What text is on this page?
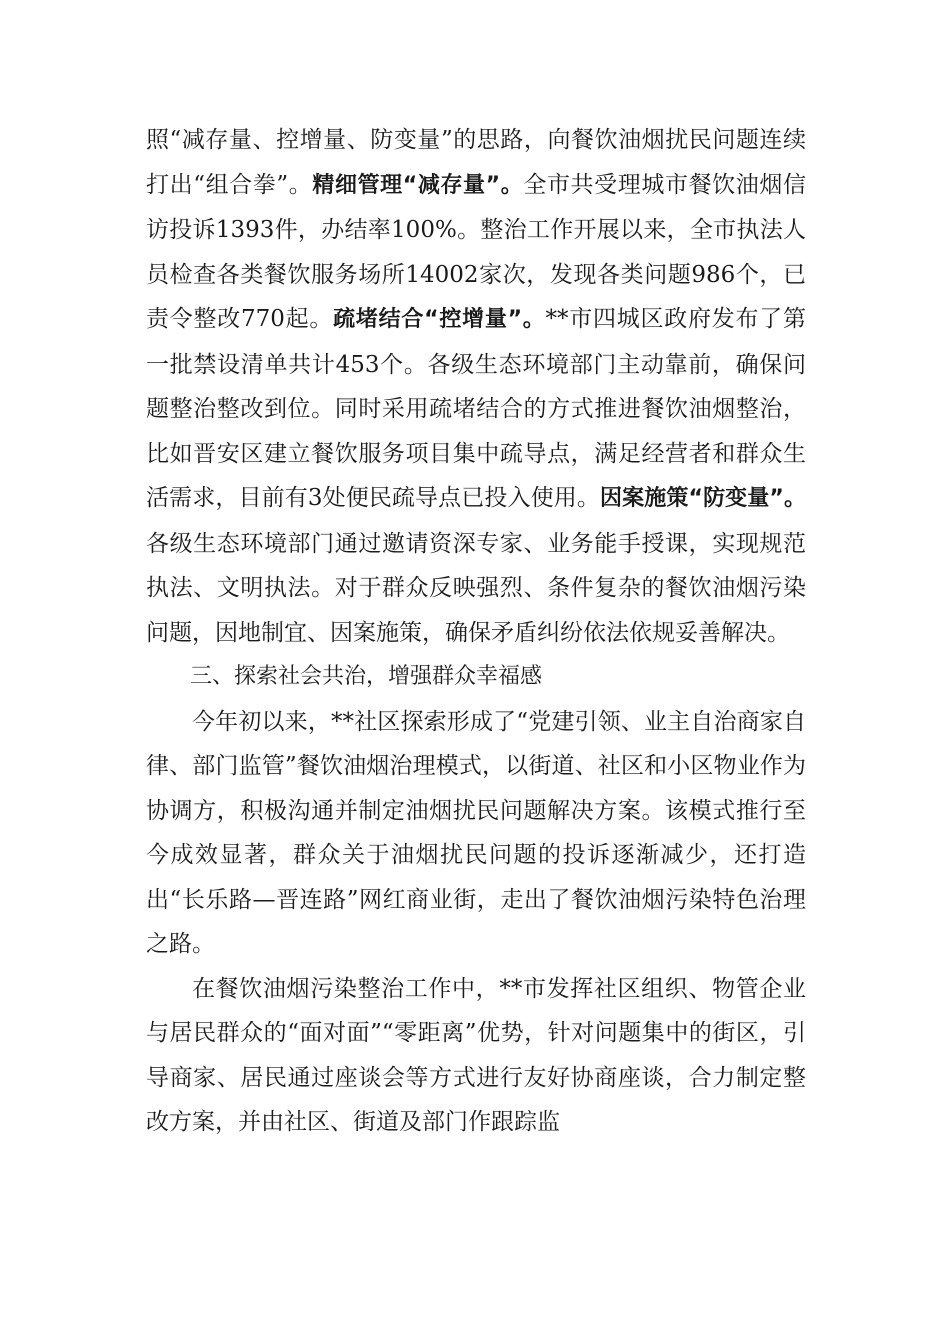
照“减存量、控增量、防变量”的思路，向餐饮油烟扰民问题连续打出“组合拳”。精细管理“减存量”。全市共受理城市餐饮油烟信访投诉1393件，办结率100%。整治工作开展以来，全市执法人员检查各类餐饮服务场所14002家次，发现各类问题986个，已责令整改770起。疏堵结合“控增量”。**市四城区政府发布了第一批禁设清单共计453个。各级生态环境部门主动靠前，确保问题整治整改到位。同时采用疏堵结合的方式推进餐饮油烟整治，比如晋安区建立餐饮服务项目集中疏导点，满足经营者和群众生活需求，目前有3处便民疏导点已投入使用。因案施策“防变量”。各级生态环境部门通过邀请资深专家、业务能手授课，实现规范执法、文明执法。对于群众反映强烈、条件复杂的餐饮油烟污染问题，因地制宜、因案施策，确保矛盾纠纷依法依规妥善解决。

三、探索社会共治，增强群众幸福感

今年初以来，**社区探索形成了“党建引领、业主自治商家自律、部门监管”餐饮油烟治理模式，以街道、社区和小区物业作为协调方，积极沟通并制定油烟扰民问题解决方案。该模式推行至今成效显著，群众关于油烟扰民问题的投诉逐渐减少，还打造出“长乐路—晋连路”网红商业街，走出了餐饮油烟污染特色治理之路。

在餐饮油烟污染整治工作中，**市发挥社区组织、物管企业与居民群众的“面对面”“零距离”优势，针对问题集中的街区，引导商家、居民通过座谈会等方式进行友好协商座谈，合力制定整改方案，并由社区、街道及部门作跟踪监
